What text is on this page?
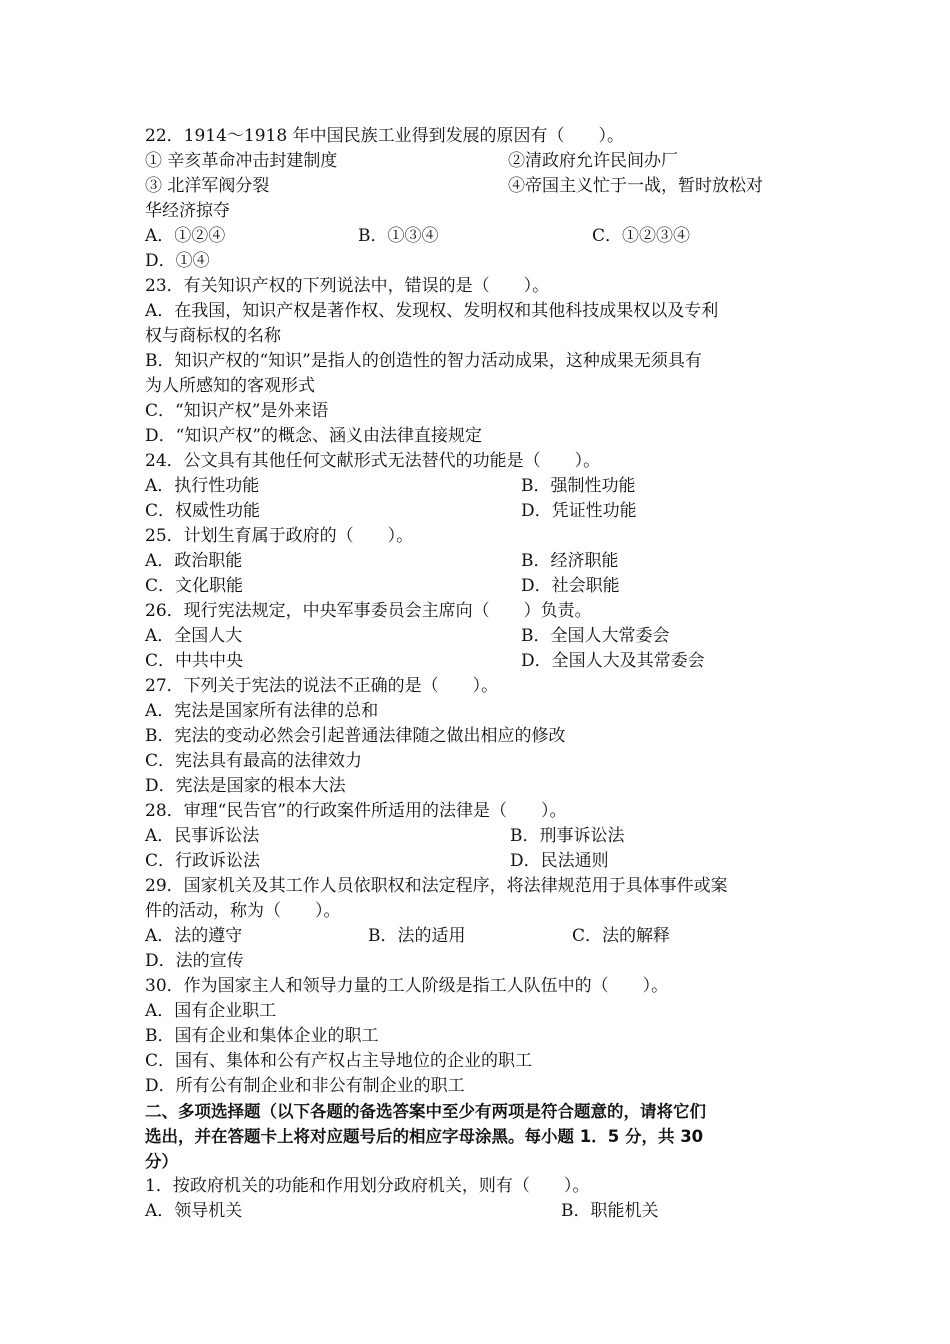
22．1914～1918 年中国民族工业得到发展的原因有（　　）。
① 辛亥革命冲击封建制度	②清政府允许民间办厂
③ 北洋军阀分裂	④帝国主义忙于一战，暂时放松对
华经济掠夺
A．①②④	B．①③④	C．①②③④
D．①④
23．有关知识产权的下列说法中，错误的是（　　）。
A．在我国，知识产权是著作权、发现权、发明权和其他科技成果权以及专利
权与商标权的名称
B．知识产权的“知识”是指人的创造性的智力活动成果，这种成果无须具有
为人所感知的客观形式
C．“知识产权”是外来语
D．“知识产权”的概念、涵义由法律直接规定
24．公文具有其他任何文献形式无法替代的功能是（　　）。
A．执行性功能	B．强制性功能
C．权威性功能	D．凭证性功能
25．计划生育属于政府的（　　）。
A．政治职能	B．经济职能
C．文化职能	D．社会职能
26．现行宪法规定，中央军事委员会主席向（　　）负责。
A．全国人大	B．全国人大常委会
C．中共中央	D．全国人大及其常委会
27．下列关于宪法的说法不正确的是（　　）。
A．宪法是国家所有法律的总和
B．宪法的变动必然会引起普通法律随之做出相应的修改
C．宪法具有最高的法律效力
D．宪法是国家的根本大法
28．审理“民告官”的行政案件所适用的法律是（　　）。
A．民事诉讼法	B．刑事诉讼法
C．行政诉讼法	D．民法通则
29．国家机关及其工作人员依职权和法定程序，将法律规范用于具体事件或案
件的活动，称为（　　）。
A．法的遵守	B．法的适用	C．法的解释
D．法的宣传
30．作为国家主人和领导力量的工人阶级是指工人队伍中的（　　）。
A．国有企业职工
B．国有企业和集体企业的职工
C．国有、集体和公有产权占主导地位的企业的职工
D．所有公有制企业和非公有制企业的职工
二、多项选择题（以下各题的备选答案中至少有两项是符合题意的，请将它们
选出，并在答题卡上将对应题号后的相应字母涂黑。每小题 1．5 分，共 30
分）
1．按政府机关的功能和作用划分政府机关，则有（　　）。
A．领导机关	B．职能机关
